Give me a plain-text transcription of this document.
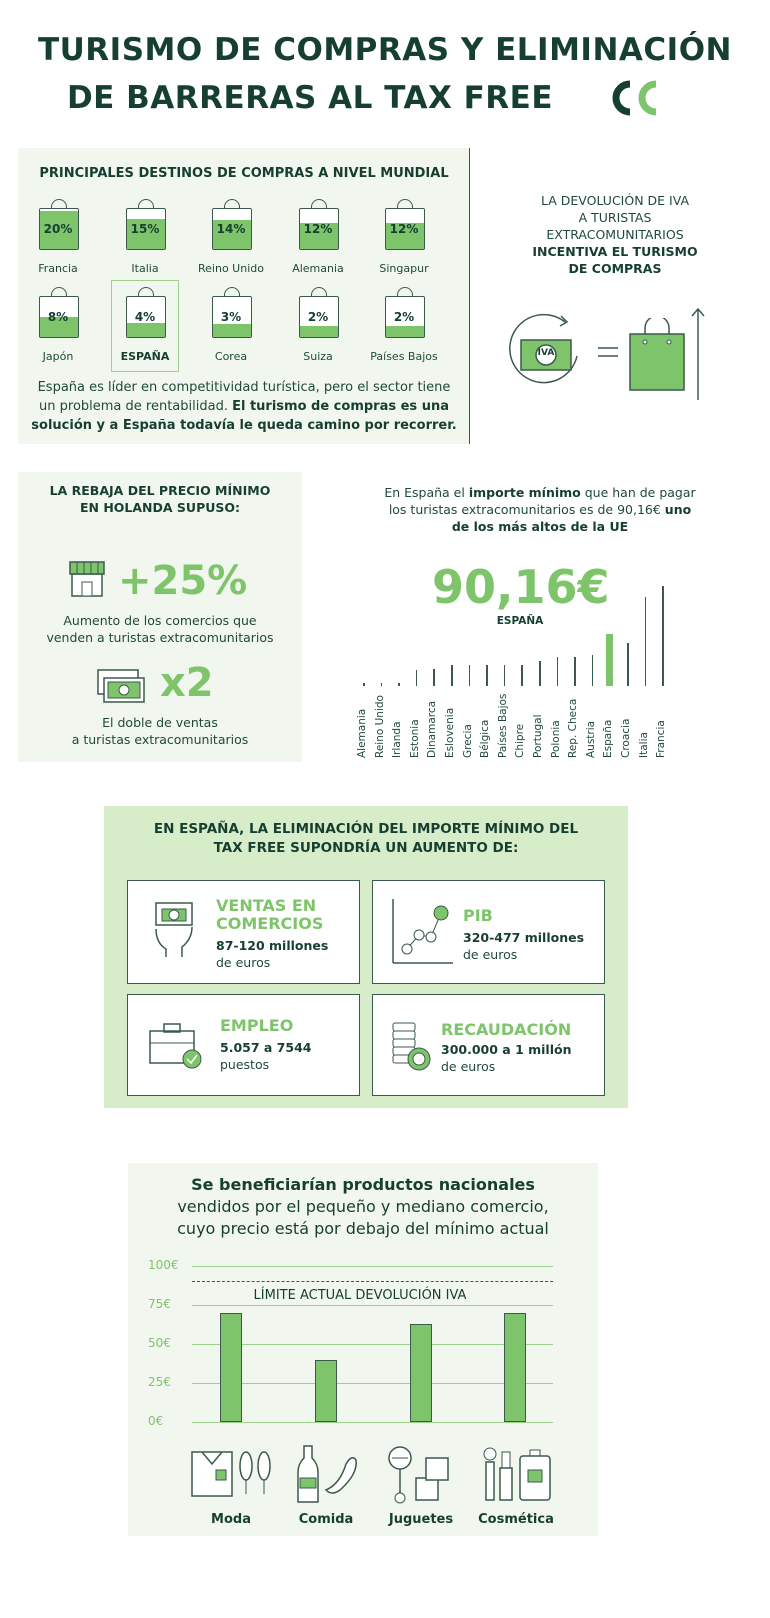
TURISMO DE COMPRAS Y ELIMINACIÓN
DE BARRERAS AL TAX FREE
PRINCIPALES DESTINOS DE COMPRAS A NIVEL MUNDIAL
20%
Francia
15%
Italia
14%
Reino Unido
12%
Alemania
12%
Singapur
8%
Japón
4%
ESPAÑA
3%
Corea
2%
Suiza
2%
Países Bajos
España es líder en competitividad turística, pero el sector tiene un problema de rentabilidad. El turismo de compras es una solución y a España todavía le queda camino por recorrer.
LA DEVOLUCIÓN DE IVA
A TURISTAS
EXTRACOMUNITARIOS
INCENTIVA EL TURISMO
DE COMPRAS
IVA
LA REBAJA DEL PRECIO MÍNIMO
EN HOLANDA SUPUSO:
+25%
Aumento de los comercios que
venden a turistas extracomunitarios
x2
El doble de ventas
a turistas extracomunitarios
En España el importe mínimo que han de pagar
los turistas extracomunitarios es de 90,16€ uno
de los más altos de la UE
90,16€
ESPAÑA
Alemania Reino Unido Irlanda Estonia Dinamarca Eslovenia Grecia Bélgica Países Bajos Chipre Portugal Polonia Rep. Checa Austria España Croacia Italia Francia
EN ESPAÑA, LA ELIMINACIÓN DEL IMPORTE MÍNIMO DEL
TAX FREE SUPONDRÍA UN AUMENTO DE:
VENTAS EN
COMERCIOS
87-120 millones
de euros
PIB
320-477 millones
de euros
EMPLEO
5.057 a 7544
puestos
RECAUDACIÓN
300.000 a 1 millón
de euros
Se beneficiarían productos nacionales
vendidos por el pequeño y mediano comercio,
cuyo precio está por debajo del mínimo actual
0€
25€
50€
75€
100€
LÍMITE ACTUAL DEVOLUCIÓN IVA
Moda	Comida	Juguetes	Cosmética
